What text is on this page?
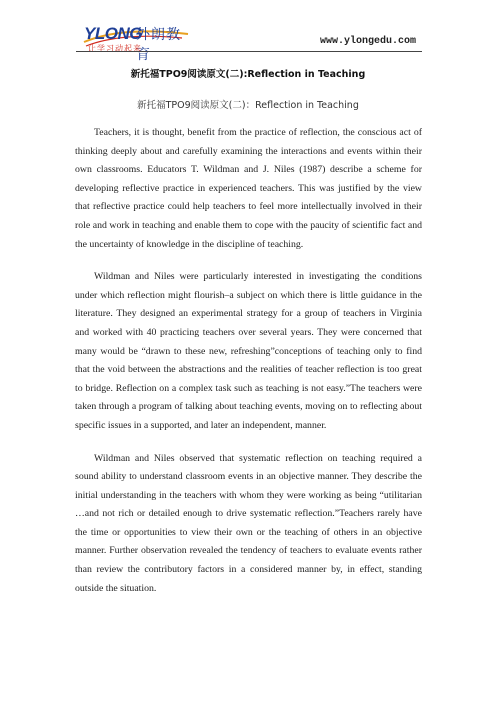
YLONG
外朗教育
让学习动起来
www.ylongedu.com
新托福TPO9阅读原文(二):Reflection in Teaching
新托福TPO9阅读原文(二)：Reflection in Teaching

Teachers, it is thought, benefit from the practice of reflection, the conscious act of thinking deeply about and carefully examining the interactions and events within their own classrooms. Educators T. Wildman and J. Niles (1987) describe a scheme for developing reflective practice in experienced teachers. This was justified by the view that reflective practice could help teachers to feel more intellectually involved in their role and work in teaching and enable them to cope with the paucity of scientific fact and the uncertainty of knowledge in the discipline of teaching.

Wildman and Niles were particularly interested in investigating the conditions under which reflection might flourish–a subject on which there is little guidance in the literature. They designed an experimental strategy for a group of teachers in Virginia and worked with 40 practicing teachers over several years. They were concerned that many would be “drawn to these new, refreshing”conceptions of teaching only to find that the void between the abstractions and the realities of teacher reflection is too great to bridge. Reflection on a complex task such as teaching is not easy.”The teachers were taken through a program of talking about teaching events, moving on to reflecting about specific issues in a supported, and later an independent, manner.

Wildman and Niles observed that systematic reflection on teaching required a sound ability to understand classroom events in an objective manner. They describe the initial understanding in the teachers with whom they were working as being “utilitarian …and not rich or detailed enough to drive systematic reflection.”Teachers rarely have the time or opportunities to view their own or the teaching of others in an objective manner. Further observation revealed the tendency of teachers to evaluate events rather than review the contributory factors in a considered manner by, in effect, standing outside the situation.
